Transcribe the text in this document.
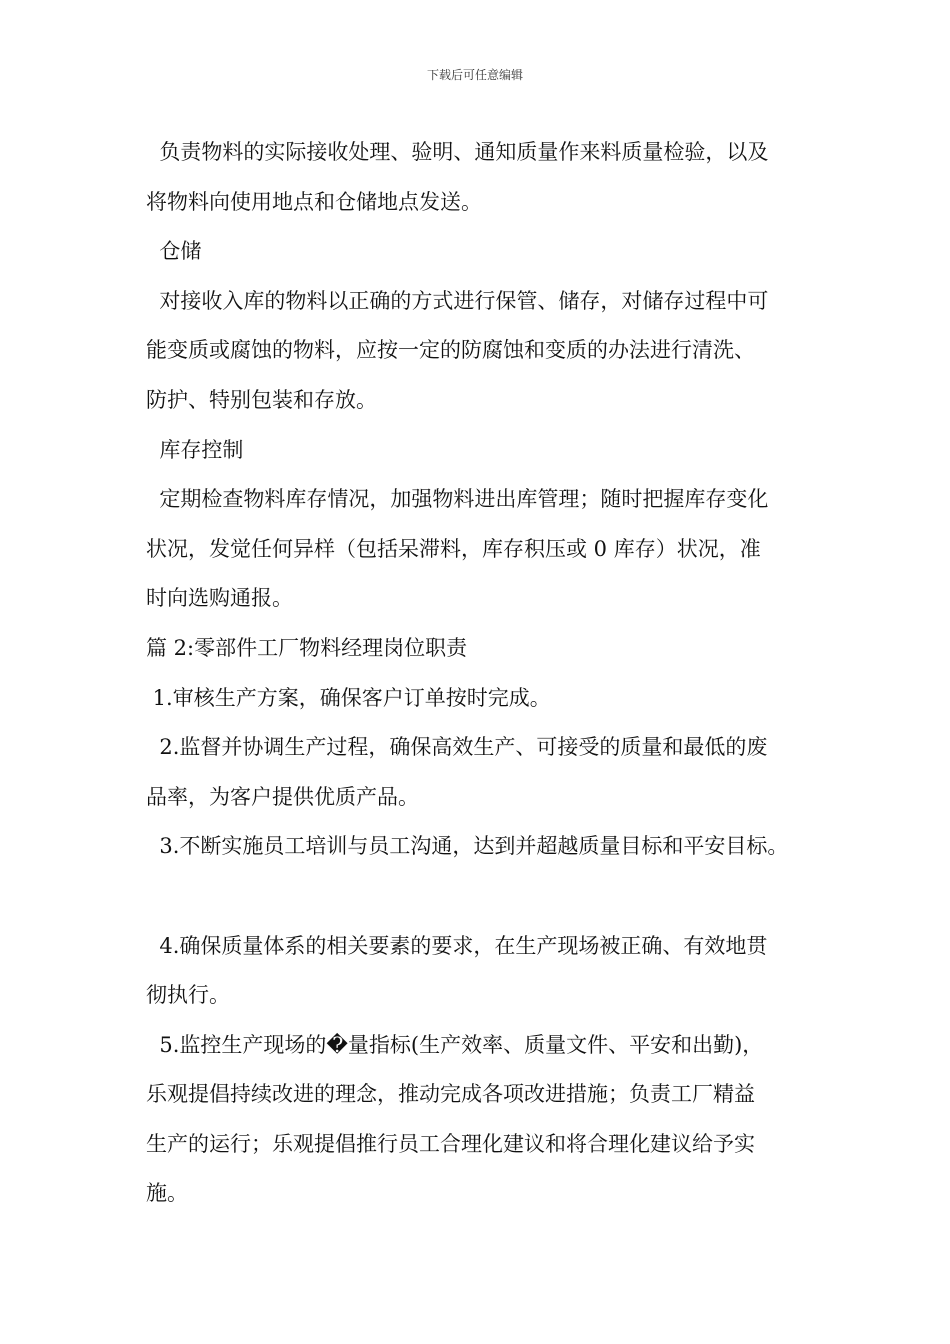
下载后可任意编辑
负责物料的实际接收处理、验明、通知质量作来料质量检验，以及
将物料向使用地点和仓储地点发送。
仓储
对接收入库的物料以正确的方式进行保管、储存，对储存过程中可
能变质或腐蚀的物料，应按一定的防腐蚀和变质的办法进行清洗、
防护、特别包装和存放。
库存控制
定期检查物料库存情况，加强物料进出库管理；随时把握库存变化
状况，发觉任何异样（包括呆滞料，库存积压或 0 库存）状况，准
时向选购通报。
篇 2:零部件工厂物料经理岗位职责
1.审核生产方案，确保客户订单按时完成。
2.监督并协调生产过程，确保高效生产、可接受的质量和最低的废
品率，为客户提供优质产品。
3.不断实施员工培训与员工沟通，达到并超越质量目标和平安目标。
4.确保质量体系的相关要素的要求，在生产现场被正确、有效地贯
彻执行。
5.监控生产现场的�量指标(生产效率、质量文件、平安和出勤)，
乐观提倡持续改进的理念，推动完成各项改进措施；负责工厂精益
生产的运行；乐观提倡推行员工合理化建议和将合理化建议给予实
施。
